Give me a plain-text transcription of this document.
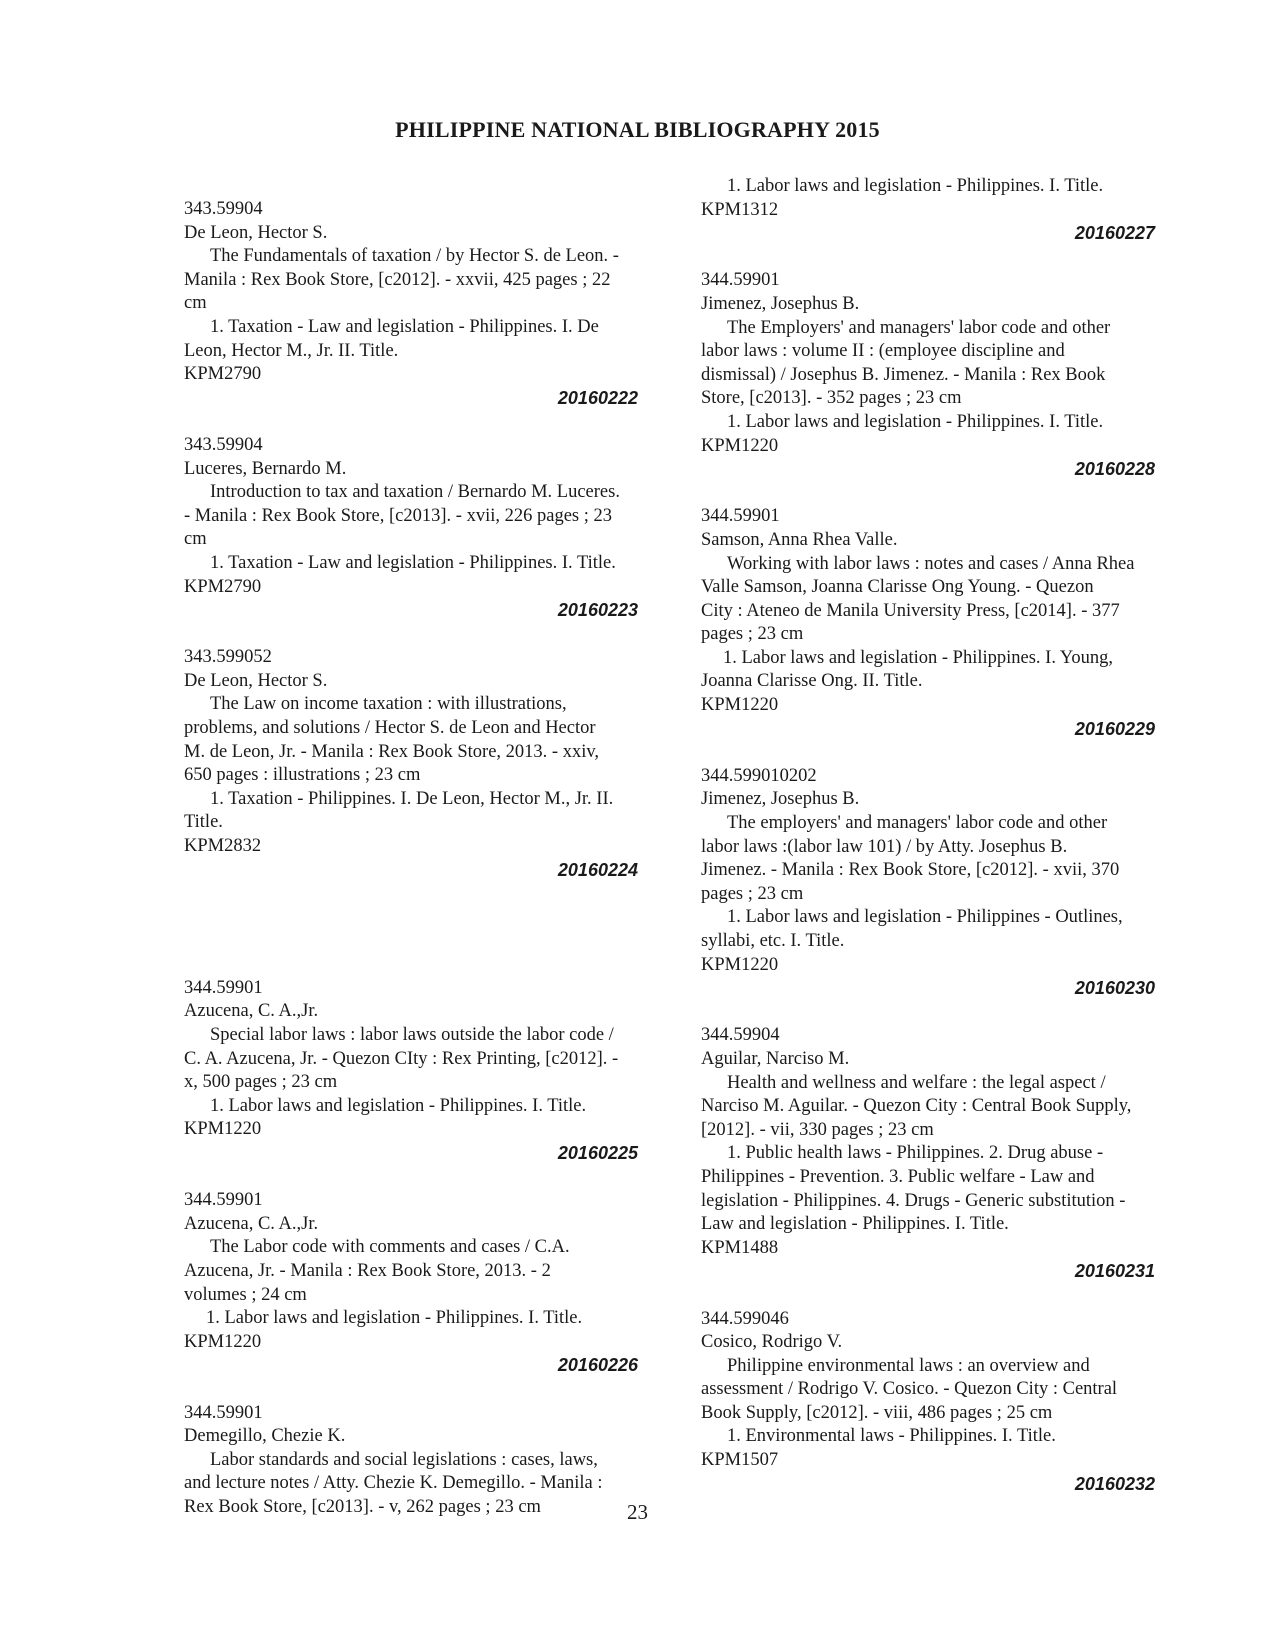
PHILIPPINE NATIONAL BIBLIOGRAPHY 2015
343.59904
De Leon, Hector S.
The Fundamentals of taxation / by Hector S. de Leon. -
Manila : Rex Book Store, [c2012]. - xxvii, 425 pages ; 22
cm
1. Taxation - Law and legislation - Philippines. I. De
Leon, Hector M., Jr. II. Title.
KPM2790
20160222
343.59904
Luceres, Bernardo M.
Introduction to tax and taxation / Bernardo M. Luceres.
- Manila : Rex Book Store, [c2013]. - xvii, 226 pages ; 23
cm
1. Taxation - Law and legislation - Philippines. I. Title.
KPM2790
20160223
343.599052
De Leon, Hector S.
The Law on income taxation : with illustrations,
problems, and solutions / Hector S. de Leon and Hector
M. de Leon, Jr. - Manila : Rex Book Store, 2013. - xxiv,
650 pages : illustrations ; 23 cm
1. Taxation - Philippines. I. De Leon, Hector M., Jr. II.
Title.
KPM2832
20160224
344.59901
Azucena, C. A.,Jr.
Special labor laws : labor laws outside the labor code /
C. A. Azucena, Jr. - Quezon CIty : Rex Printing, [c2012]. -
x, 500 pages ; 23 cm
1. Labor laws and legislation - Philippines. I. Title.
KPM1220
20160225
344.59901
Azucena, C. A.,Jr.
The Labor code with comments and cases / C.A.
Azucena, Jr. - Manila : Rex Book Store, 2013. - 2
volumes ; 24 cm
1. Labor laws and legislation - Philippines. I. Title.
KPM1220
20160226
344.59901
Demegillo, Chezie K.
Labor standards and social legislations : cases, laws,
and lecture notes / Atty. Chezie K. Demegillo. - Manila :
Rex Book Store, [c2013]. - v, 262 pages ; 23 cm
1. Labor laws and legislation - Philippines. I. Title.
KPM1312
20160227
344.59901
Jimenez, Josephus B.
The Employers' and managers' labor code and other
labor laws : volume II : (employee discipline and
dismissal) / Josephus B. Jimenez. - Manila : Rex Book
Store, [c2013]. - 352 pages ; 23 cm
1. Labor laws and legislation - Philippines. I. Title.
KPM1220
20160228
344.59901
Samson, Anna Rhea Valle.
Working with labor laws : notes and cases / Anna Rhea
Valle Samson, Joanna Clarisse Ong Young. - Quezon
City : Ateneo de Manila University Press, [c2014]. - 377
pages ; 23 cm
1. Labor laws and legislation - Philippines. I. Young,
Joanna Clarisse Ong. II. Title.
KPM1220
20160229
344.599010202
Jimenez, Josephus B.
The employers' and managers' labor code and other
labor laws :(labor law 101) / by Atty. Josephus B.
Jimenez. - Manila : Rex Book Store, [c2012]. - xvii, 370
pages ; 23 cm
1. Labor laws and legislation - Philippines - Outlines,
syllabi, etc. I. Title.
KPM1220
20160230
344.59904
Aguilar, Narciso M.
Health and wellness and welfare : the legal aspect /
Narciso M. Aguilar. - Quezon City : Central Book Supply,
[2012]. - vii, 330 pages ; 23 cm
1. Public health laws - Philippines. 2. Drug abuse -
Philippines - Prevention. 3. Public welfare - Law and
legislation - Philippines. 4. Drugs - Generic substitution -
Law and legislation - Philippines. I. Title.
KPM1488
20160231
344.599046
Cosico, Rodrigo V.
Philippine environmental laws : an overview and
assessment / Rodrigo V. Cosico. - Quezon City : Central
Book Supply, [c2012]. - viii, 486 pages ; 25 cm
1. Environmental laws - Philippines. I. Title.
KPM1507
20160232
23
